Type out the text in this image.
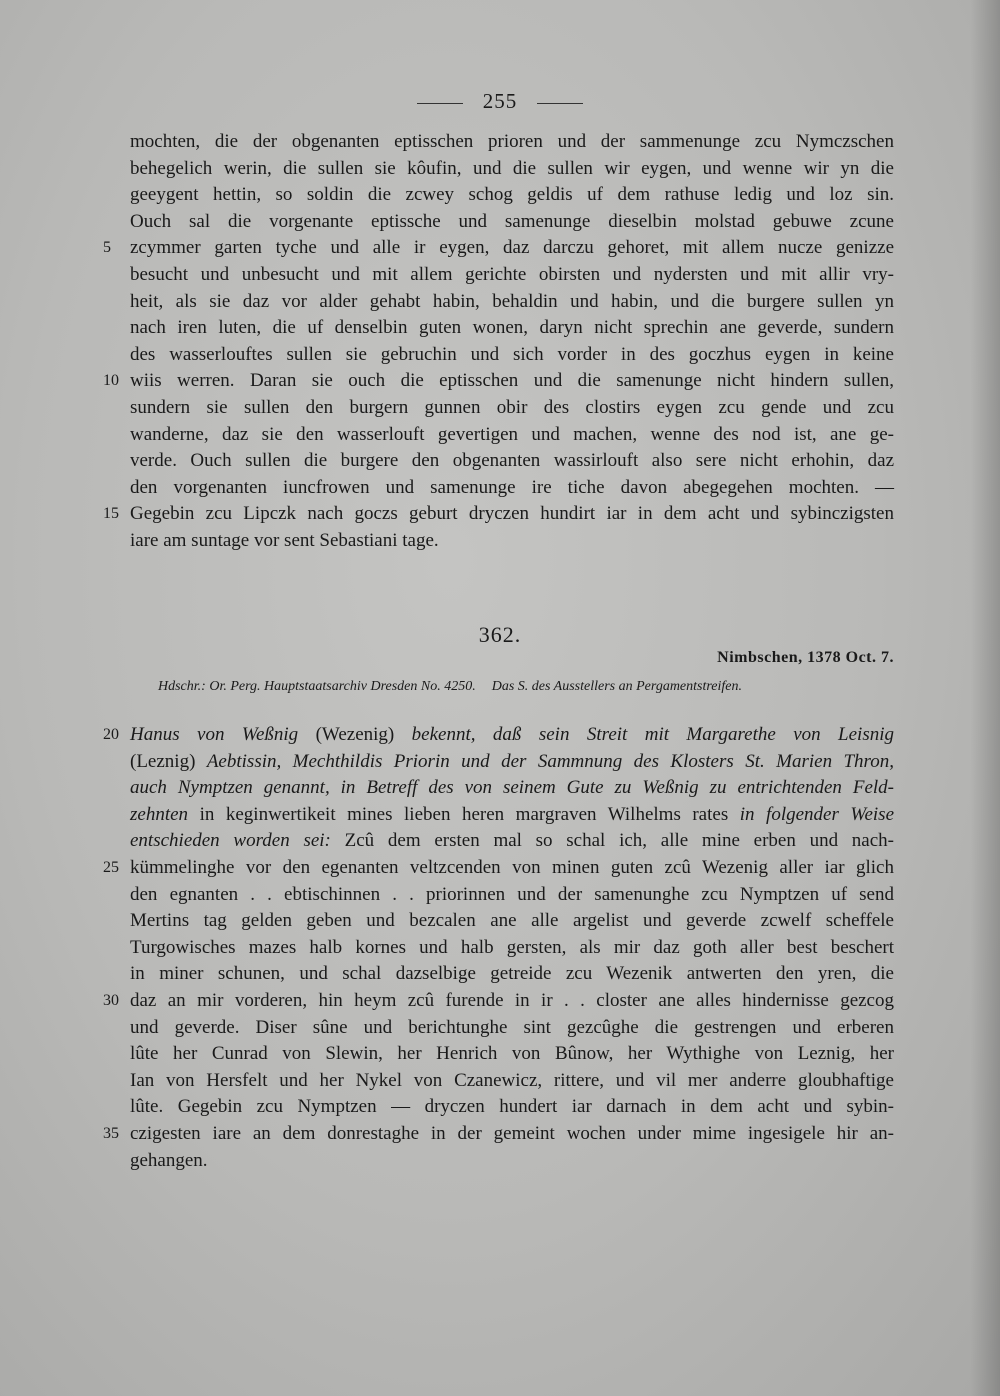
255
mochten, die der obgenanten eptisschen prioren und der sammenunge zcu Nymczschen
behegelich werin, die sullen sie kôufin, und die sullen wir eygen, und wenne wir yn die
geeygent hettin, so soldin die zcwey schog geldis uf dem rathuse ledig und loz sin.
Ouch sal die vorgenante eptissche und samenunge dieselbin molstad gebuwe zcune
5 zcymmer garten tyche und alle ir eygen, daz darczu gehoret, mit allem nucze genizze
besucht und unbesucht und mit allem gerichte obirsten und nydersten und mit allir vry-
heit, als sie daz vor alder gehabt habin, behaldin und habin, und die burgere sullen yn
nach iren luten, die uf denselbin guten wonen, daryn nicht sprechin ane geverde, sundern
des wasserlouftes sullen sie gebruchin und sich vorder in des goczhus eygen in keine
10 wiis werren. Daran sie ouch die eptisschen und die samenunge nicht hindern sullen,
sundern sie sullen den burgern gunnen obir des clostirs eygen zcu gende und zcu
wanderne, daz sie den wasserlouft gevertigen und machen, wenne des nod ist, ane ge-
verde. Ouch sullen die burgere den obgenanten wassirlouft also sere nicht erhohin, daz
den vorgenanten iuncfrowen und samenunge ire tiche davon abegegehen mochten. —
15 Gegebin zcu Lipczk nach goczs geburt dryczen hundirt iar in dem acht und sybinczigsten
iare am suntage vor sent Sebastiani tage.
362.
Nimbschen, 1378 Oct. 7.
Hdschr.: Or. Perg. Hauptstaatsarchiv Dresden No. 4250. Das S. des Ausstellers an Pergamentstreifen.
20 Hanus von Weßnig (Wezenig) bekennt, daß sein Streit mit Margarethe von Leisnig
(Leznig) Aebtissin, Mechthildis Priorin und der Sammnung des Klosters St. Marien Thron,
auch Nymptzen genannt, in Betreff des von seinem Gute zu Weßnig zu entrichtenden Feld-
zehnten in keginwertikeit mines lieben heren margraven Wilhelms rates in folgender Weise
entschieden worden sei: Zcû dem ersten mal so schal ich, alle mine erben und nach-
25 kümmelinghe vor den egenanten veltzcenden von minen guten zcû Wezenig aller iar glich
den egnanten . . ebtischinnen . . priorinnen und der samenunghe zcu Nymptzen uf send
Mertins tag gelden geben und bezcalen ane alle argelist und geverde zcwelf scheffele
Turgowisches mazes halb kornes und halb gersten, als mir daz goth aller best beschert
in miner schunen, und schal dazselbige getreide zcu Wezenik antwerten den yren, die
30 daz an mir vorderen, hin heym zcû furende in ir . . closter ane alles hindernisse gezcog
und geverde. Diser sûne und berichtunghe sint gezcûghe die gestrengen und erberen
lûte her Cunrad von Slewin, her Henrich von Bûnow, her Wythighe von Leznig, her
Ian von Hersfelt und her Nykel von Czanewicz, rittere, und vil mer anderre gloubhaftige
lûte. Gegebin zcu Nymptzen — dryczen hundert iar darnach in dem acht und sybin-
35 czigesten iare an dem donrestaghe in der gemeint wochen under mime ingesigele hir an-
gehangen.
